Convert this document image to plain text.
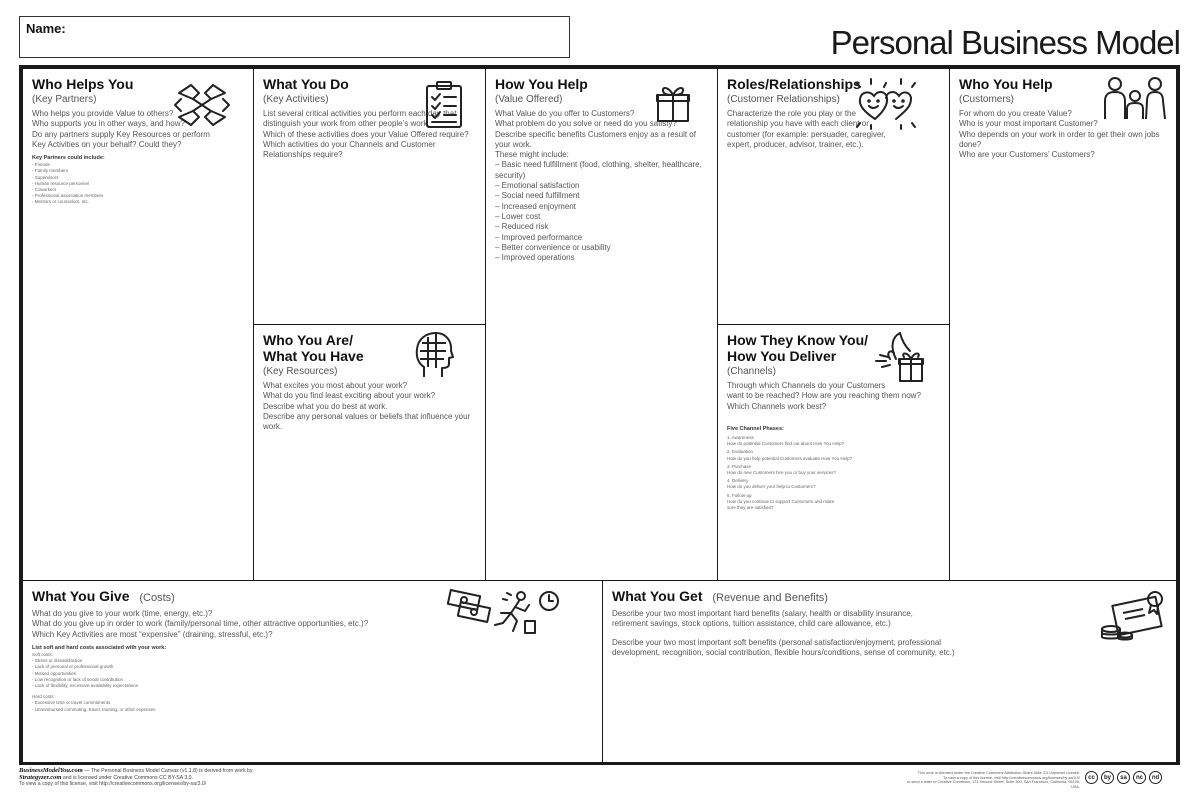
Name:	Personal Business Model
Who Helps You
(Key Partners)
Who helps you provide Value to others?
Who supports you in other ways, and how?
Do any partners supply Key Resources or perform
Key Activities on your behalf? Could they?
Key Partners could include:
- Friends
- Family members
- Supervisors
- Human resource personnel
- Coworkers
- Professional association members
- Mentors or counselors, etc.
What You Do
(Key Activities)
List several critical activities you perform each day that
distinguish your work from other people’s work.
Which of these activities does your Value Offered require?
Which activities do your Channels and Customer Relationships require?
Who You Are/
What You Have
(Key Resources)
What excites you most about your work?
What do you find least exciting about your work?
Describe what you do best at work.
Describe any personal values or beliefs that influence your work.
How You Help
(Value Offered)
What Value do you offer to Customers?
What problem do you solve or need do you satisfy?
Describe specific benefits Customers enjoy as a result of your work.
These might include:
– Basic need fulfillment (food, clothing, shelter, healthcare, security)
– Emotional satisfaction
– Social need fulfillment
– Increased enjoyment
– Lower cost
– Reduced risk
– Improved performance
– Better convenience or usability
– Improved operations
Roles/Relationships
(Customer Relationships)
Characterize the role you play or the
relationship you have with each client or
customer (for example: persuader, caregiver,
expert, producer, advisor, trainer, etc.).
How They Know You/
How You Deliver
(Channels)
Through which Channels do your Customers
want to be reached? How are you reaching them now?
Which Channels work best?
Five Channel Phases:
1. Awareness
How do potential Customers find out about How You Help?
2. Evaluation
How do you help potential Customers evaluate How You Help?
3. Purchase
How do new Customers hire you or buy your services?
4. Delivery
How do you deliver your help to Customers?
5. Follow-up
How do you continue to support Customers and make sure they are satisfied?
Who You Help
(Customers)
For whom do you create Value?
Who is your most important Customer?
Who depends on your work in order to get their own jobs done?
Who are your Customers’ Customers?
What You Give (Costs)
What do you give to your work (time, energy, etc.)?
What do you give up in order to work (family/personal time, other attractive opportunities, etc.)?
Which Key Activities are most “expensive” (draining, stressful, etc.)?
List soft and hard costs associated with your work:
Soft costs:
- Stress or dissatisfaction
- Lack of personal or professional growth
- Missed opportunities
- Low recognition or lack of social contribution
- Lack of flexibility, excessive availability expectations
Hard costs:
- Excessive time or travel commitments
- Unreimbursed commuting, travel, training, or other expenses
What You Get (Revenue and Benefits)
Describe your two most important hard benefits (salary, health or disability insurance,
retirement savings, stock options, tuition assistance, child care allowance, etc.)
Describe your two most important soft benefits (personal satisfaction/enjoyment, professional
development, recognition, social contribution, flexible hours/conditions, sense of community, etc.)
BusinessModelYou.com — The Personal Business Model Canvas (v1.1.8) is derived from work by
Strategyzer.com and is licensed under Creative Commons CC BY-SA 3.0.
To view a copy of this license, visit http://creativecommons.org/licenses/by-sa/3.0/
This work is licensed under the Creative Commons Attribution-Share Alike 3.0 Unported License.
To view a copy of this license, visit http://creativecommons.org/licenses/by-sa/3.0/
or send a letter to Creative Commons, 171 Second Street, Suite 300, San Francisco, California, 94105, USA.
cc	by	sa	nc	nd
